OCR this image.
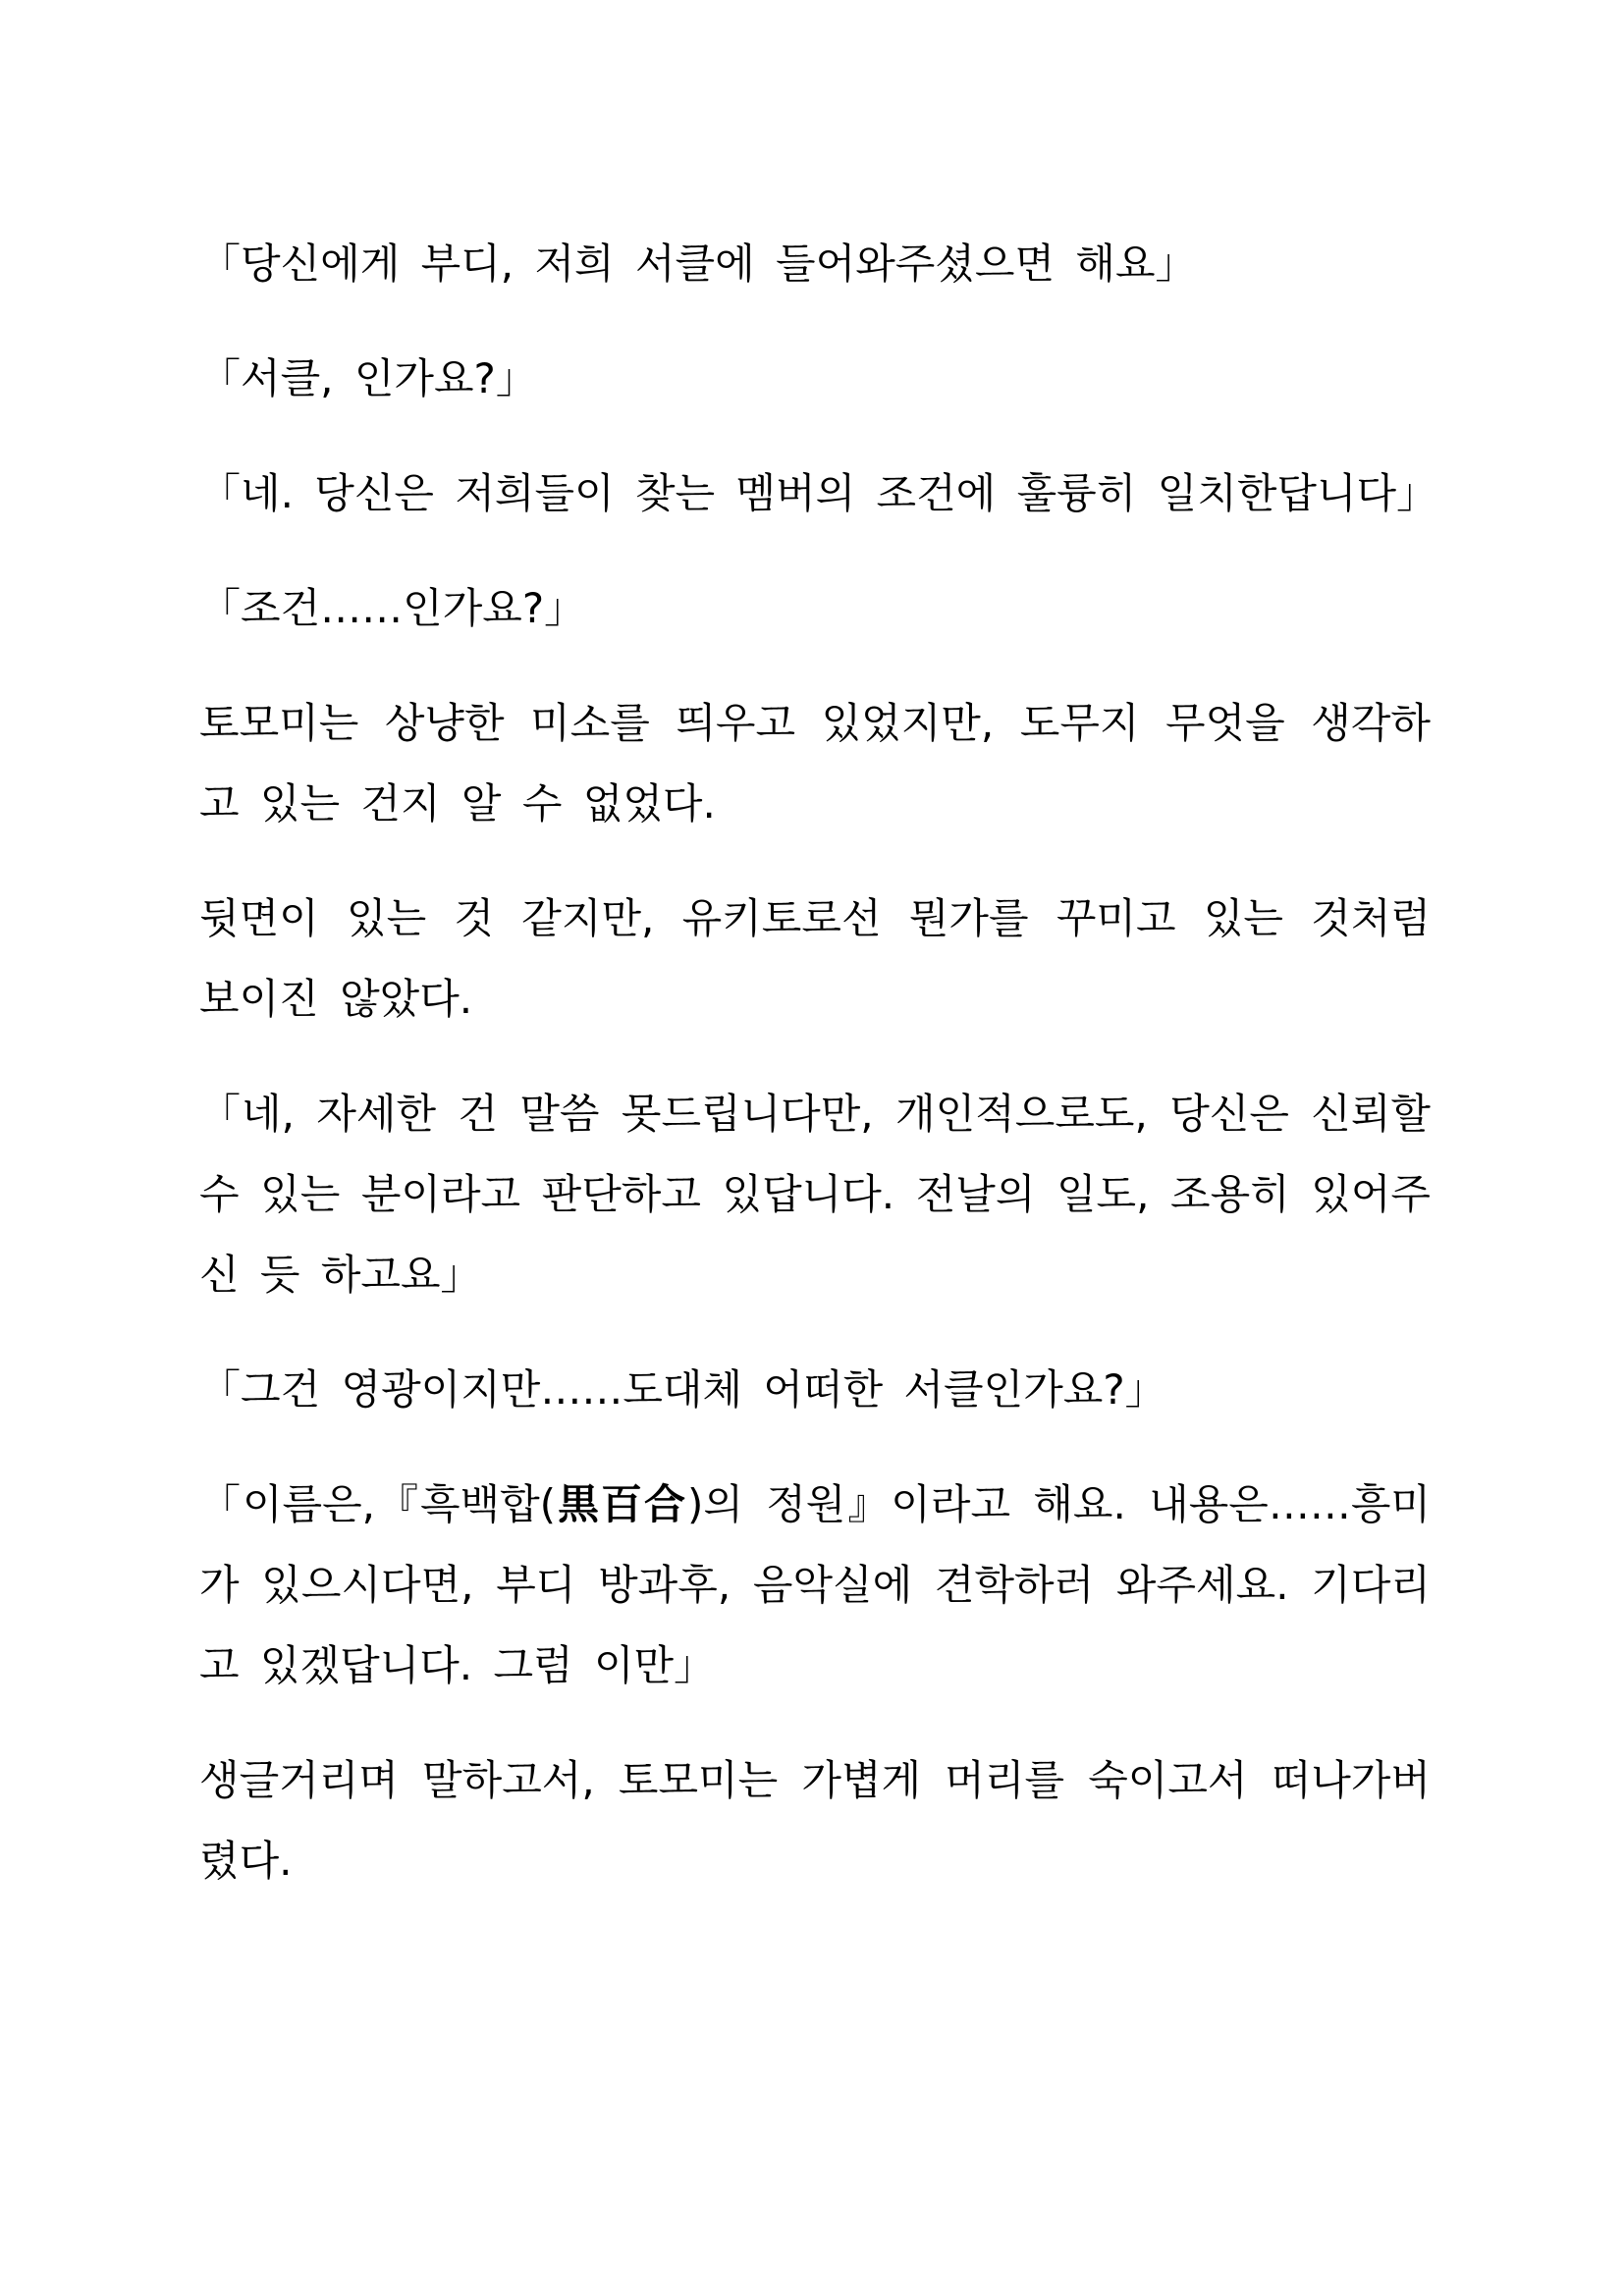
「당신에게 부디, 저희 서클에 들어와주셨으면 해요」

「서클, 인가요?」

「네. 당신은 저희들이 찾는 멤버의 조건에 훌륭히 일치한답니다」

「조건……인가요?」

토모미는 상냥한 미소를 띄우고 있었지만, 도무지 무엇을 생각하고 있는 건지 알 수 없었다.

뒷면이 있는 것 같지만, 유키토로선 뭔가를 꾸미고 있는 것처럼 보이진 않았다.

「네, 자세한 건 말씀 못드립니다만, 개인적으로도, 당신은 신뢰할 수 있는 분이라고 판단하고 있답니다. 전날의 일도, 조용히 있어주신 듯 하고요」

「그건 영광이지만……도대체 어떠한 서클인가요?」

「이름은,『흑백합(黒百合)의 정원』이라고 해요. 내용은……흥미가 있으시다면, 부디 방과후, 음악실에 견학하러 와주세요. 기다리고 있겠답니다. 그럼 이만」

생글거리며 말하고서, 토모미는 가볍게 머리를 숙이고서 떠나가버렸다.
